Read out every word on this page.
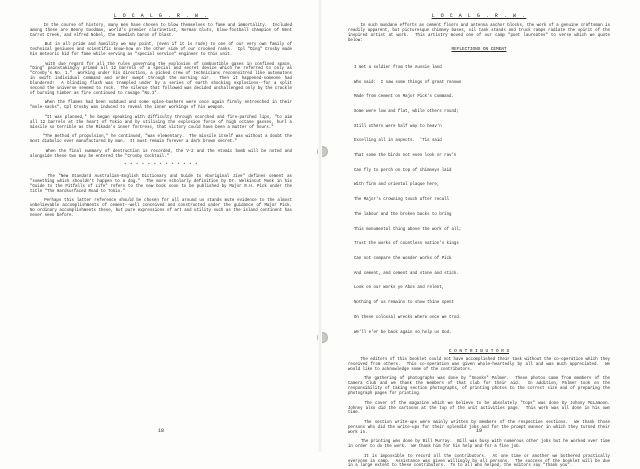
L O C A L G . R . W .

In the course of history, many men have chosen to blow themselves to fame and immortality.  Included among these are Benny Goodman, world's premier clarinetist, Norman Gluts, blow-football champion of Bent Carrot Creek, and Alfred Nobel, the Swedish baron of blast.

But in all pride and humility we may point, (even if it is rude) to one of our very own family of technical geniuses and scientific know-how on the other side of our crooked ranks.  Cpl "Ding" Crosby made his meteoric bid for fame while serving as "special service" engineer to this unit.

With due regard for all the rules governing the explosion of combustible gases in confined space, "Ding" painstakingly primed all 12 barrels of a special and secret device which he referred to only as "Crosby's No. 1."  Working under his direction, a picked crew of technicians reconnoitred like automatons in swift individual command and order swept through the morning air.  Then it happened-someone had blundered!  A blinding flash was trampled under by a series of earth shocking explosions--for a split second the universe seemed to rock.  The silence that followed was decided unchallenged only by the crackle of burning timber as fire continued to ravage "No.1".

When the flames had been subdued and some spine-bashers were once again firmly entrenched in their "mole-sacks", Cpl Crosby was induced to reveal the inner workings of his weapon.

"It was planned," he began speaking with difficulty through scorched and fire-parched lips, "to aim all 12 barrels at the heart of Tokio and by utilising the explosion force of high octane gasses, hurl a missile so terrible as the Mikado's inner fortress, that victory could have been a matter of hours."

"The method of propulsion," he continued, "was elementary.  The missile itself was without a doubt the most diabolic ever manufactured by man.  It must remain forever a dark brown secret."

When the final summary of destruction is recorded, the V-2 and the Atomic bomb will be noted and alongside these two may be entered the "Crosby Cocktail."

* * * * * * * * * * * * *

The "New Standard Australian-English Dictionary and Guide to Aboriginal Jive" defines cement as "something which shouldn't happen to a dog."  The more scholarly definition by Dr. Welkincut Munk in his "Guide to the Pitfalls of Life" refers to the new book soon to be published by Major R.H. Pick under the title "The Hardsurfaced Road to Tokio."

Perhaps this latter reference should be chosen for all around us stands mute evidence to the almost unbelievable accomplishments of cement--well conceived and constructed under the guidance of Major Pick.  No ordinary accomplishments these, but pure expressions of art and utility such as the island continent has never seen before.

18
L O C A L G . R . W .

In such mundane efforts as cement floors and antenna anchor blocks, the work of a genuine craftsman is readily apparent, but picturesque chimney bases, oil tank stands and truck ramps radiate the spirit of the inspired artist at work.  This artistry moved one of our camp "poet laureates" to verse which we quote below:

REFLECTIONS ON CEMENT

I met a soldier from the Aussie land

Who said:  I saw some things of great renown

Made from cement on Major Pick's command.

Some were low and flat, while others round;

Still others were half way to heav'n

Excelling all in aspects.  'Tis said

That some the birds not even look or rav'n

Can fly to perch on top of chimneys laid

With firm and oriental plaque here,

The Major's crowning touch after recall

The labour and the broken backs to bring

This monumental thing above the work of all;

Trust the works of countless nation's kings

Can not compare the wonder works of Pick

And cement, and cement and stone and stick.

Look on our works ye Abos and relent,

Nothing of us remains to show thine spent

On these colossal wrecks where once we trod.

We'll e'er be back again so help us God.

C O N T R I B U T O R S

The editors of this booklet could not have accomplished their task without the co-operation which they received from others.  This co-operation was given whole-heartedly by all and was much appreciated.  We would like to acknowledge some of the contributors.

The gathering of photographs was done by "Snooks" Palmer.  These photos came from members of the Camera Club and we thank the members of that club for their aid.  In addition, Palmer took on the responsibility of taking section photographs, of printing photos to the correct size and of preparing the photograph pages for printing.

The cover of the magazine which we believe to be absolutely "tops" was done by Johnny McLamoon.  Johnny also did the cartoons at the top of the unit activities page.  This work was all done in his own time.

The section write-ups were mainly written by members of the respective sections.  We thank those persons who did the write-ups for their splendid jobs and for the prompt manner in which they turned their work in.

The printing was done by Bill Murray.  Bill was busy with numerous other jobs but he worked over time in order to do the work.  We thank him for his help and for a fine job.

It is impossible to record all the contributors.  At one time or another we bothered practically everyone in camp.  Assistance was given willingly by all persons.  The success of the booklet will be due in a large extent to these contributors.  To to all who helped, the editors say "thank you".

19
